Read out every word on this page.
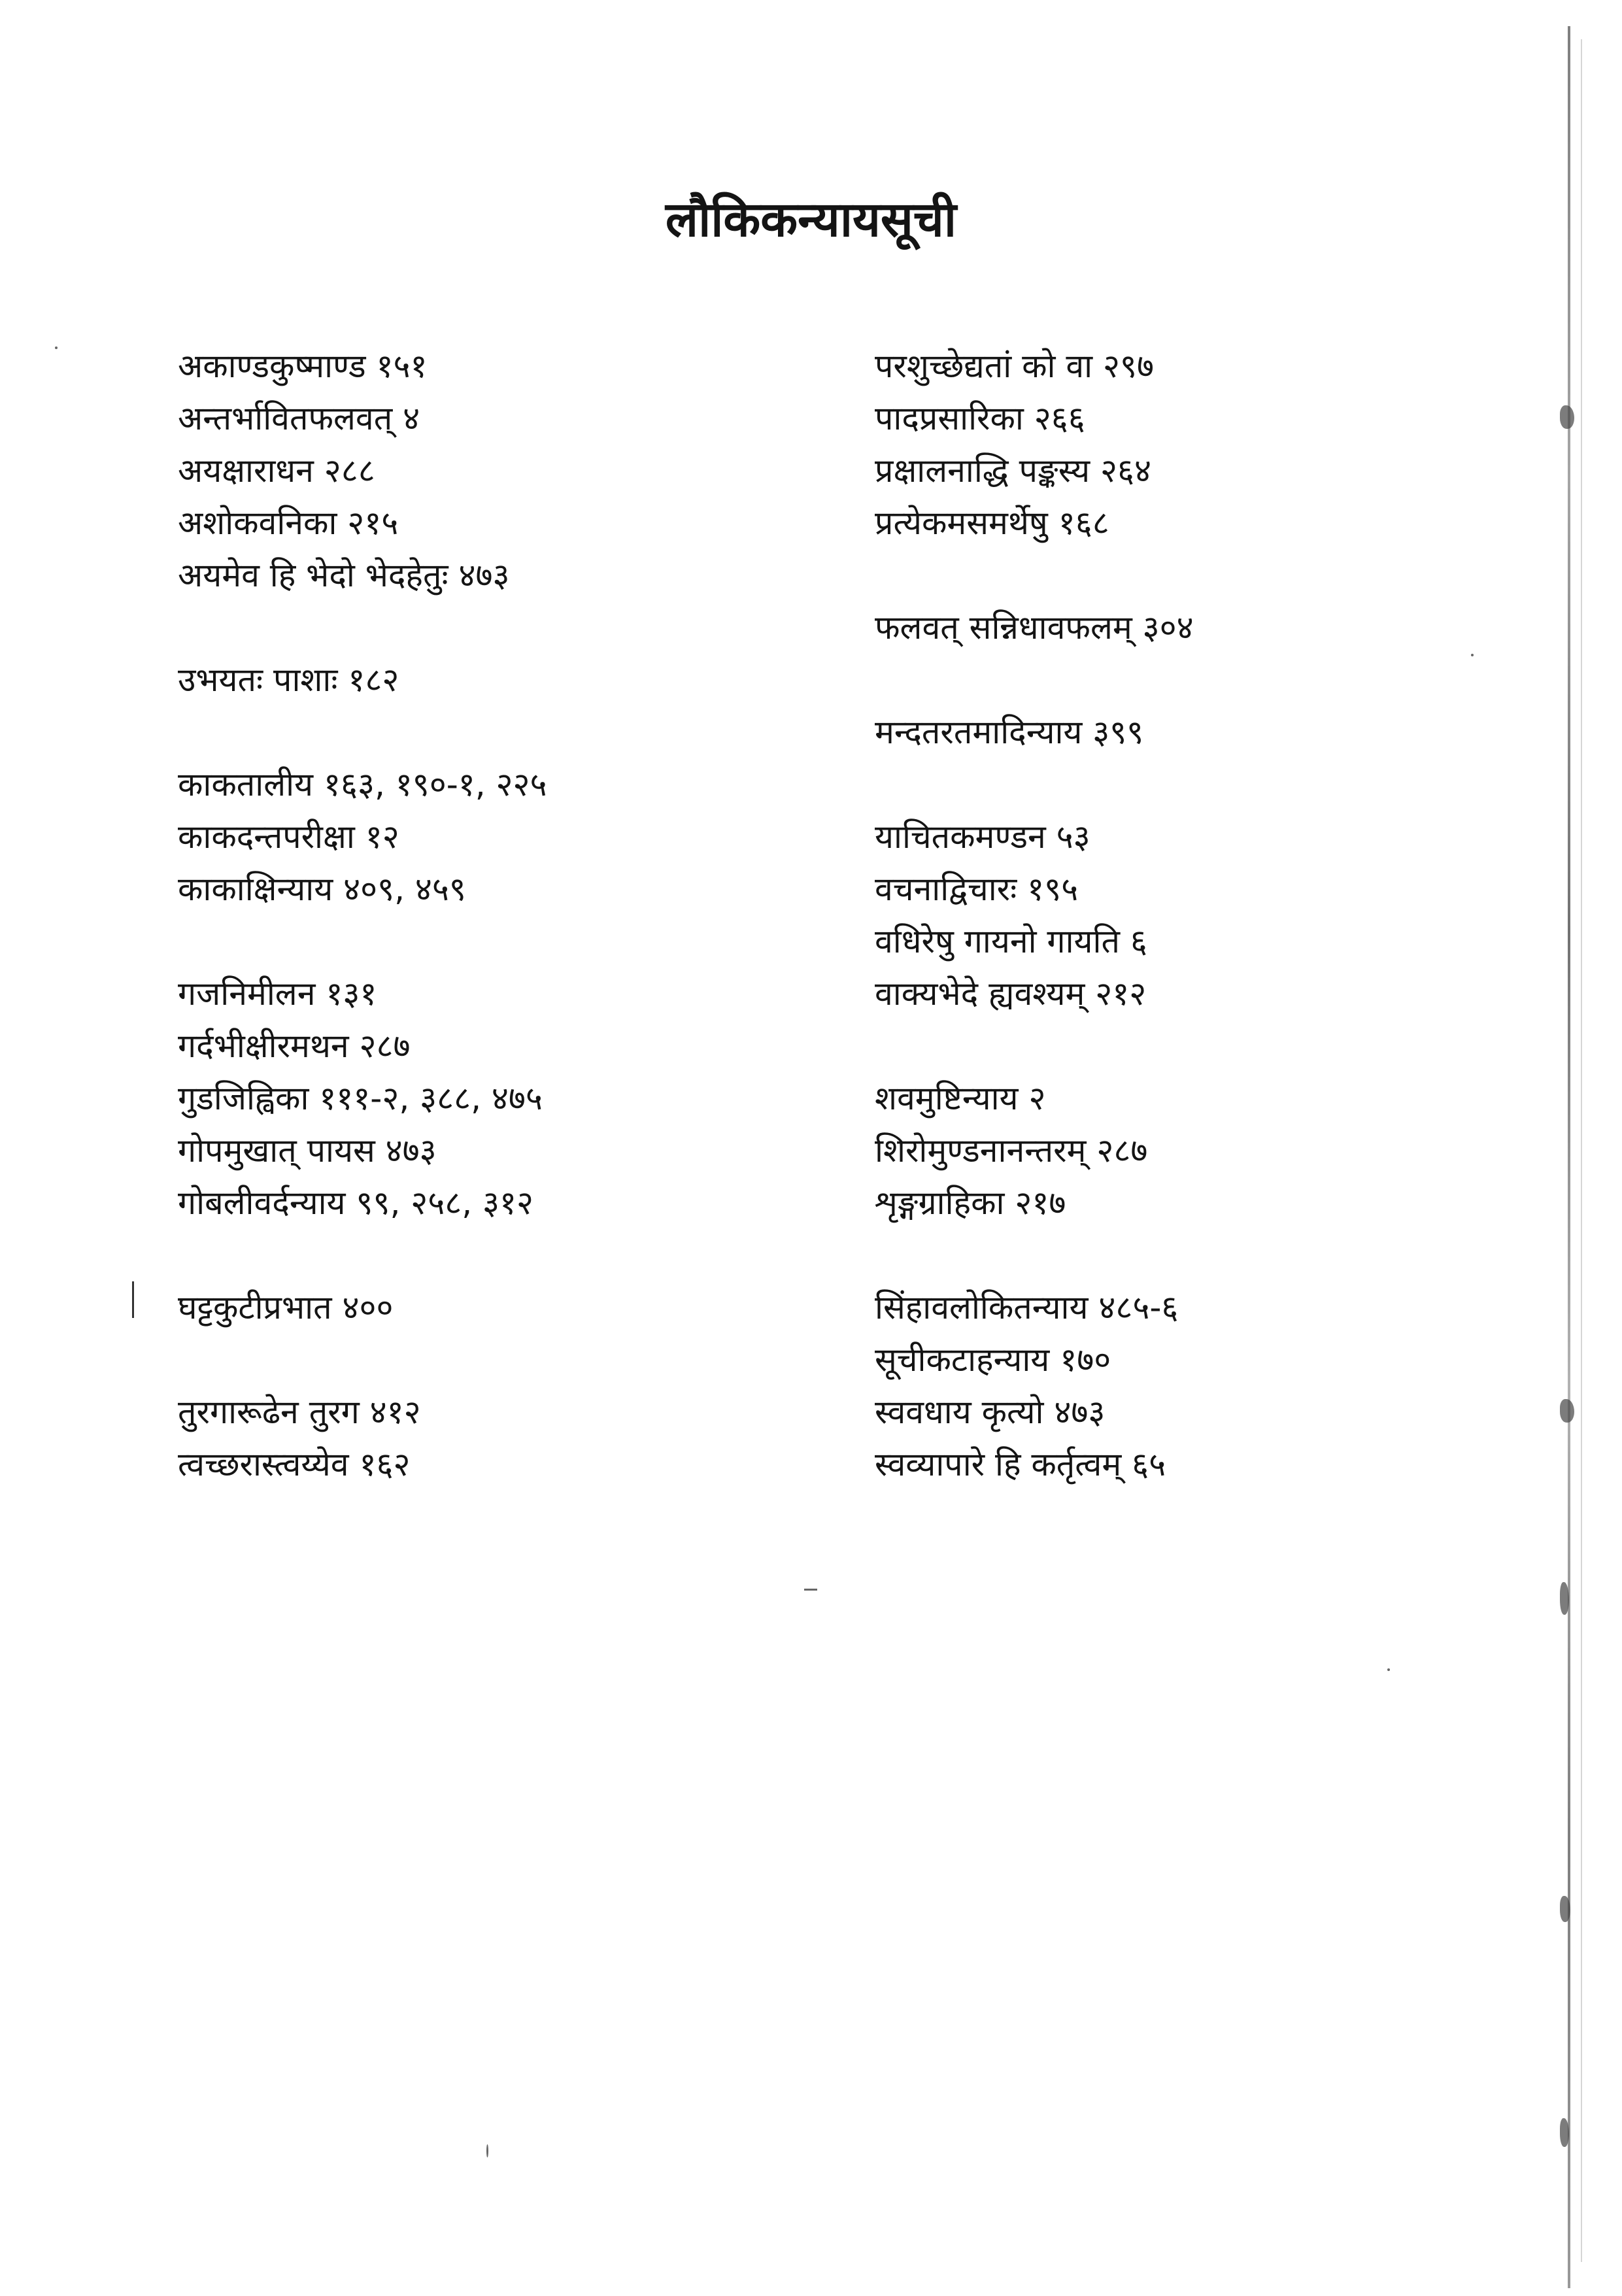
लौकिकन्यायसूची
अकाण्डकुष्माण्ड १५१
अन्तर्भावितफलवत् ४
अयक्षाराधन २८८
अशोकवनिका २१५
अयमेव हि भेदो भेदहेतुः ४७३
उभयतः पाशाः १८२
काकतालीय १६३, १९०-१, २२५
काकदन्तपरीक्षा १२
काकाक्षिन्याय ४०९, ४५९
गजनिमीलन १३१
गर्दभीक्षीरमथन २८७
गुडजिह्विका १११-२, ३८८, ४७५
गोपमुखात् पायस ४७३
गोबलीवर्दन्याय ९९, २५८, ३१२
घट्टकुटीप्रभात ४००
तुरगारूढेन तुरग ४१२
त्वच्छरास्त्वय्येव १६२
परशुच्छेद्यतां को वा २९७
पादप्रसारिका २६६
प्रक्षालनाद्धि पङ्कस्य २६४
प्रत्येकमसमर्थेषु १६८
फलवत् सन्निधावफलम् ३०४
मन्दतरतमादिन्याय ३९९
याचितकमण्डन ५३
वचनाद्विचारः १९५
वधिरेषु गायनो गायति ६
वाक्यभेदे ह्यवश्यम् २१२
शवमुष्टिन्याय २
शिरोमुण्डनानन्तरम् २८७
शृङ्गग्राहिका २१७
सिंहावलोकितन्याय ४८५-६
सूचीकटाहन्याय १७०
स्ववधाय कृत्यो ४७३
स्वव्यापारे हि कर्तृत्वम् ६५
